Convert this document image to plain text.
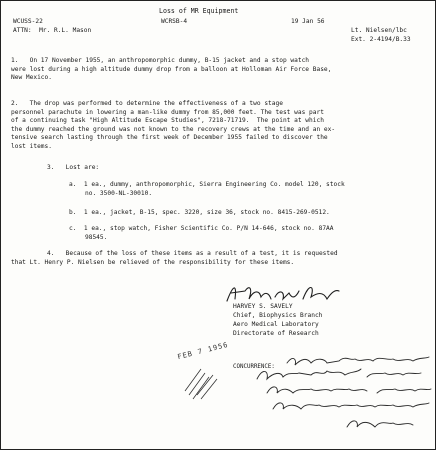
Loss of MR Equipment
WCUSS-22	WCRSB-4	19 Jan 56
ATTN:  Mr. R.L. Mason	Lt. Nielsen/lbc
Ext. 2-4194/B.33
1.   On 17 November 1955, an anthropomorphic dummy, B-15 jacket and a stop watch
were lost during a high altitude dummy drop from a balloon at Holloman Air Force Base,
New Mexico.
2.   The drop was performed to determine the effectiveness of a two stage
personnel parachute in lowering a man-like dummy from 85,000 feet. The test was part
of a continuing task "High Altitude Escape Studies", 7218-71719.  The point at which
the dummy reached the ground was not known to the recovery crews at the time and an ex-
tensive search lasting through the first week of December 1955 failed to discover the
lost items.
3.   Lost are:
a.  1 ea., dummy, anthropomorphic, Sierra Engineering Co. model 120, stock
no. 3500-NL-30010.
b.  1 ea., jacket, B-15, spec. 3220, size 36, stock no. 8415-269-0512.
c.  1 ea., stop watch, Fisher Scientific Co. P/N 14-646, stock no. 87AA
98545.
4.   Because of the loss of these items as a result of a test, it is requested
that Lt. Henry P. Nielsen be relieved of the responsibility for these items.
HARVEY S. SAVELY
Chief, Biophysics Branch
Aero Medical Laboratory
Directorate of Research
FEB 7 1956
CONCURRENCE:
